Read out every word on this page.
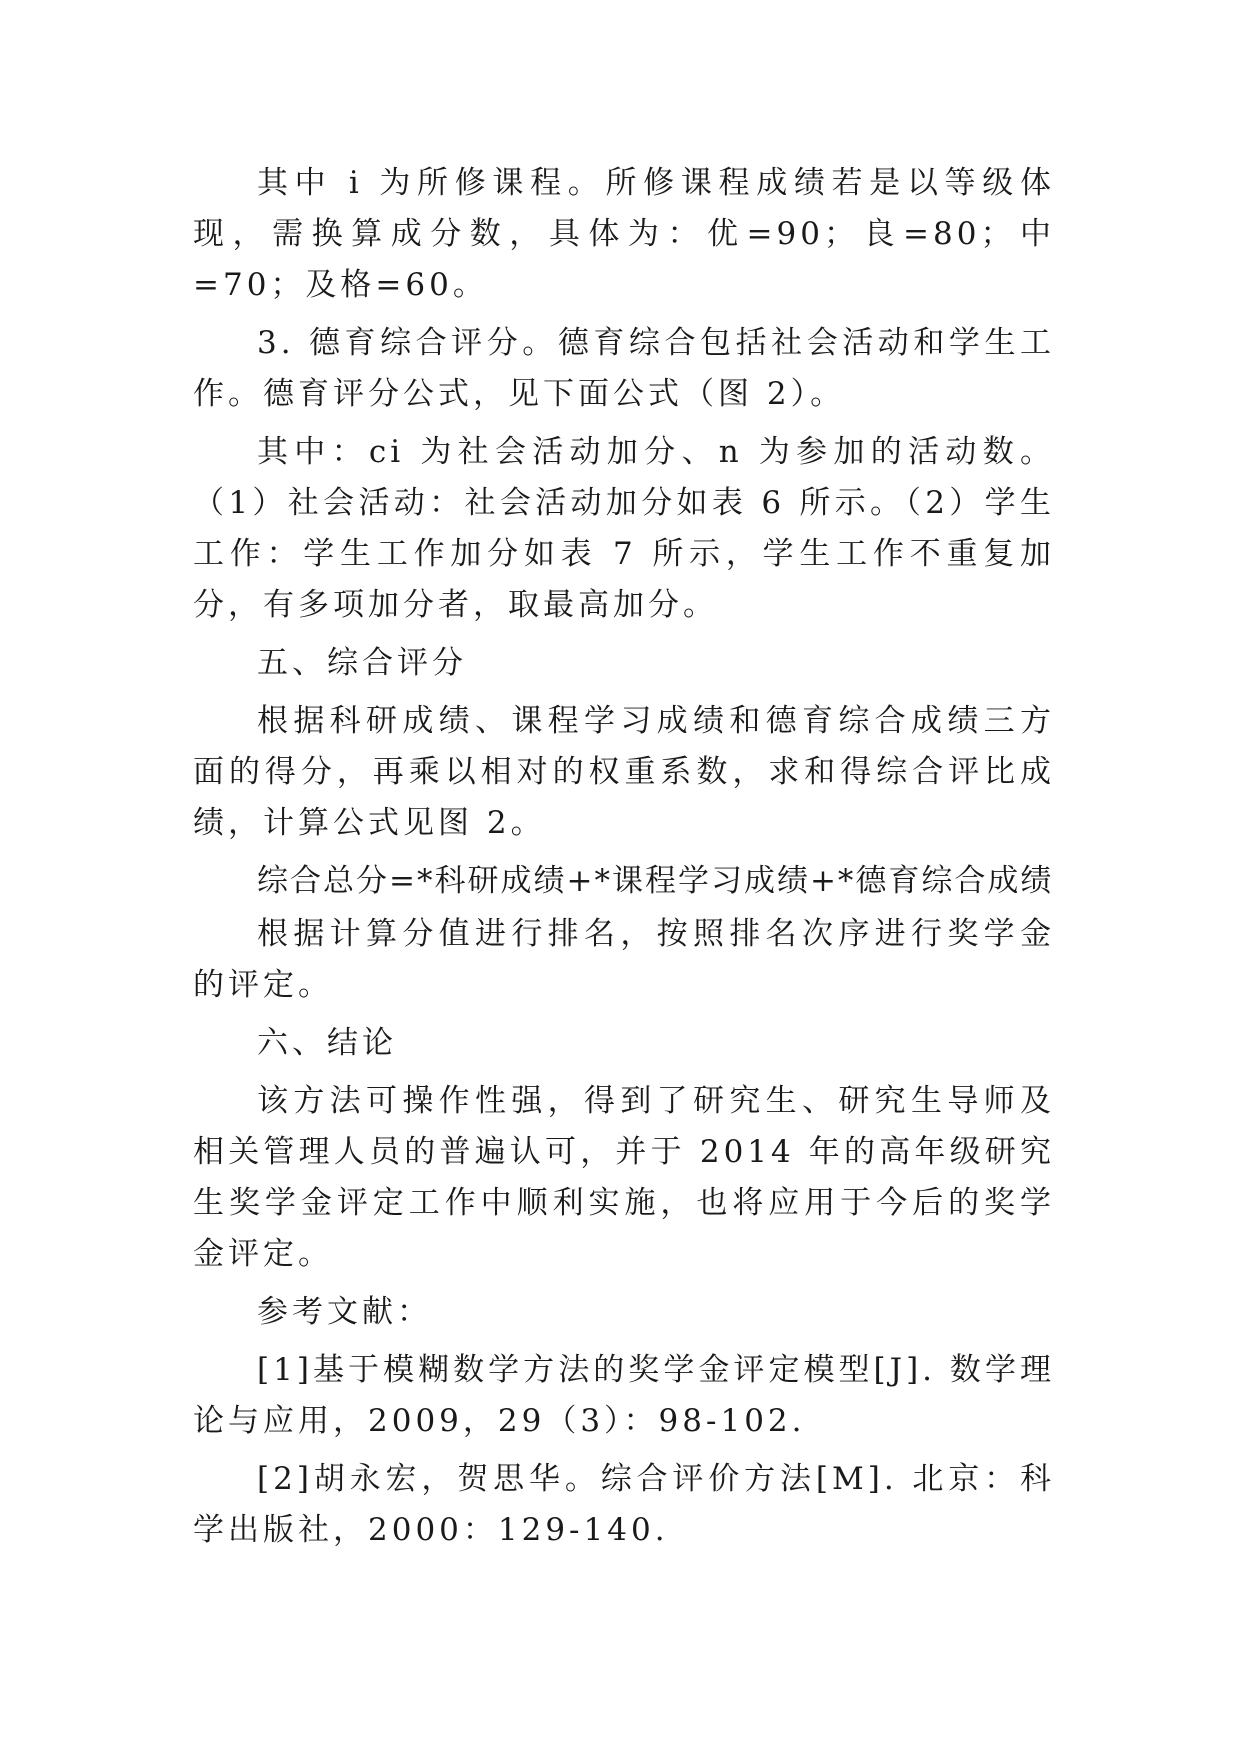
其中 i 为所修课程。所修课程成绩若是以等级体现，需换算成分数，具体为：优=90；良=80；中=70；及格=60。

3. 德育综合评分。德育综合包括社会活动和学生工作。德育评分公式，见下面公式（图 2）。

其中：ci 为社会活动加分、n 为参加的活动数。（1）社会活动：社会活动加分如表 6 所示。（2）学生工作：学生工作加分如表 7 所示，学生工作不重复加分，有多项加分者，取最高加分。

五、综合评分

根据科研成绩、课程学习成绩和德育综合成绩三方面的得分，再乘以相对的权重系数，求和得综合评比成绩，计算公式见图 2。

综合总分=*科研成绩+*课程学习成绩+*德育综合成绩

根据计算分值进行排名，按照排名次序进行奖学金的评定。

六、结论

该方法可操作性强，得到了研究生、研究生导师及相关管理人员的普遍认可，并于 2014 年的高年级研究生奖学金评定工作中顺利实施，也将应用于今后的奖学金评定。

参考文献：

[1]基于模糊数学方法的奖学金评定模型[J]. 数学理论与应用，2009，29（3）：98-102.

[2]胡永宏，贺思华。综合评价方法[M]. 北京：科学出版社，2000：129-140.
